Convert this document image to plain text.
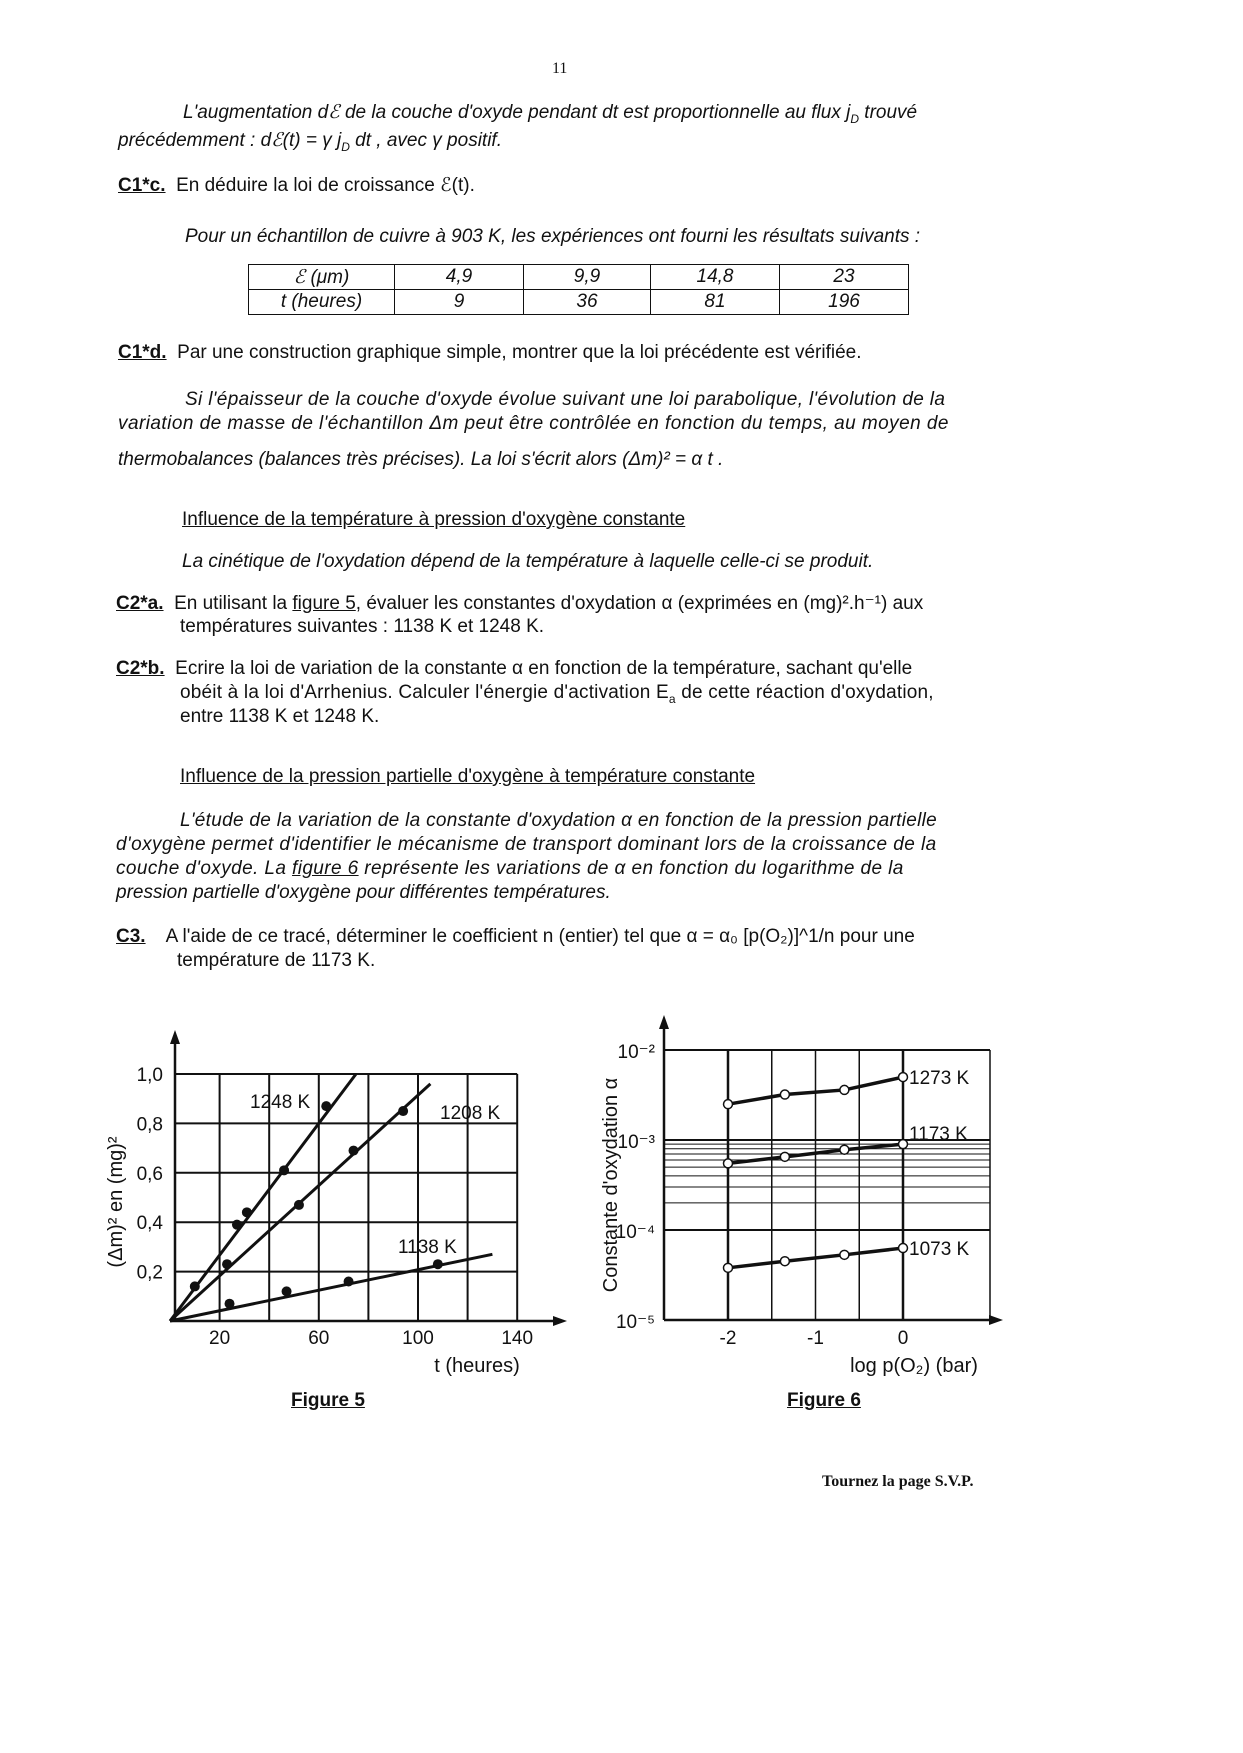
11
L'augmentation dℰ de la couche d'oxyde pendant dt est proportionnelle au flux $j_D$ trouvé
précédemment : dℰ(t) = γ $j_D$ dt , avec γ positif.
C1*c. En déduire la loi de croissance ℰ(t).
Pour un échantillon de cuivre à 903 K, les expériences ont fourni les résultats suivants :
ℰ (μm)	4,9	9,9	14,8	23
t (heures)	9	36	81	196
C1*d. Par une construction graphique simple, montrer que la loi précédente est vérifiée.
Si l'épaisseur de la couche d'oxyde évolue suivant une loi parabolique, l'évolution de la
variation de masse de l'échantillon Δm peut être contrôlée en fonction du temps, au moyen de
thermobalances (balances très précises). La loi s'écrit alors (Δm)² = α t .
Influence de la température à pression d'oxygène constante
La cinétique de l'oxydation dépend de la température à laquelle celle-ci se produit.
C2*a. En utilisant la figure 5, évaluer les constantes d'oxydation α (exprimées en (mg)².h⁻¹) aux
températures suivantes : 1138 K et 1248 K.
C2*b. Ecrire la loi de variation de la constante α en fonction de la température, sachant qu'elle
obéit à la loi d'Arrhenius. Calculer l'énergie d'activation $E_a$ de cette réaction d'oxydation,
entre 1138 K et 1248 K.
Influence de la pression partielle d'oxygène à température constante
L'étude de la variation de la constante d'oxydation α en fonction de la pression partielle
d'oxygène permet d'identifier le mécanisme de transport dominant lors de la croissance de la
couche d'oxyde. La figure 6 représente les variations de α en fonction du logarithme de la
pression partielle d'oxygène pour différentes températures.
C3. A l'aide de ce tracé, déterminer le coefficient n (entier) tel que α = α₀ [p(O₂)]^1/n pour une
température de 1173 K.
20	60	100	140
0,2
0,4
0,6
0,8
1,0
t (heures)
(Δm)² en (mg)²
1248 K
1208 K
1138 K
-2	-1	0
10⁻⁵
10⁻⁴
10⁻³
10⁻²
log p(O₂) (bar)
Constante d'oxydation α	1273 K
1173 K
1073 K
Figure 5	Figure 6
Tournez la page S.V.P.
